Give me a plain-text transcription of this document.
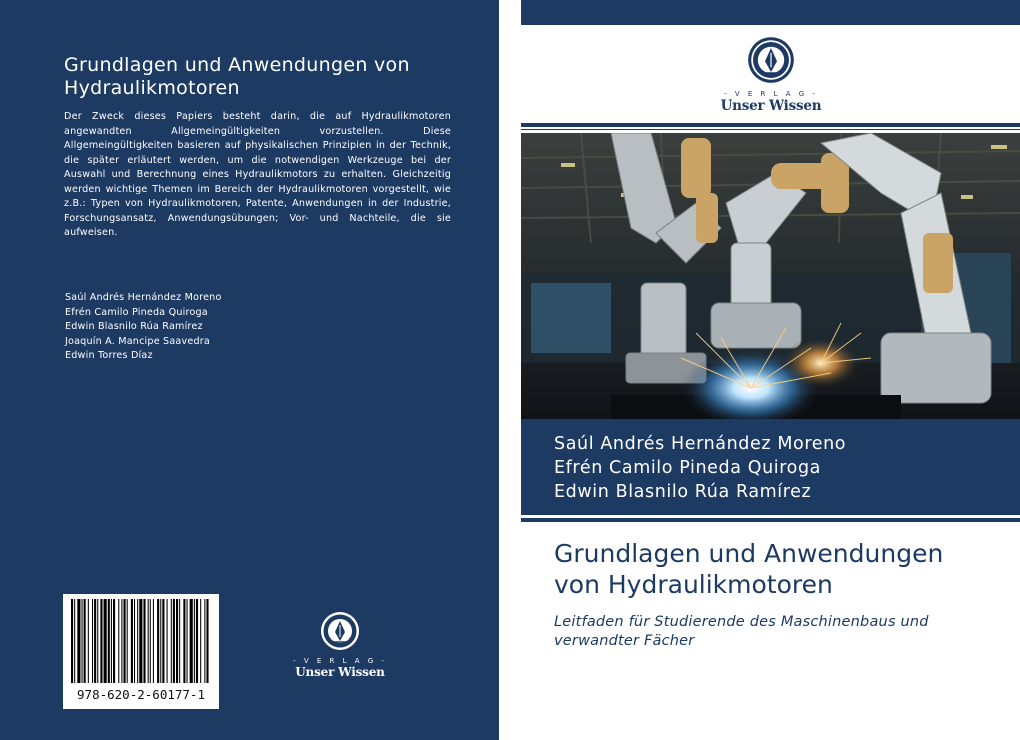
Grundlagen und Anwendungen von Hydraulikmotoren
Der Zweck dieses Papiers besteht darin, die auf Hydraulikmotoren angewandten Allgemeingültigkeiten vorzustellen. Diese Allgemeingültigkeiten basieren auf physikalischen Prinzipien in der Technik, die später erläutert werden, um die notwendigen Werkzeuge bei der Auswahl und Berechnung eines Hydraulikmotors zu erhalten. Gleichzeitig werden wichtige Themen im Bereich der Hydraulikmotoren vorgestellt, wie z.B.: Typen von Hydraulikmotoren, Patente, Anwendungen in der Industrie, Forschungsansatz, Anwendungsübungen; Vor- und Nachteile, die sie aufweisen.
Saúl Andrés Hernández Moreno
Efrén Camilo Pineda Quiroga
Edwin Blasnilo Rúa Ramírez
Joaquín A. Mancipe Saavedra
Edwin Torres Díaz
978-620-2-60177-1
- V E R L A G -
Unser Wissen
- V E R L A G -
Unser Wissen
Saúl Andrés Hernández Moreno
Efrén Camilo Pineda Quiroga
Edwin Blasnilo Rúa Ramírez
Grundlagen und Anwendungen
von Hydraulikmotoren
Leitfaden für Studierende des Maschinenbaus und
verwandter Fächer
